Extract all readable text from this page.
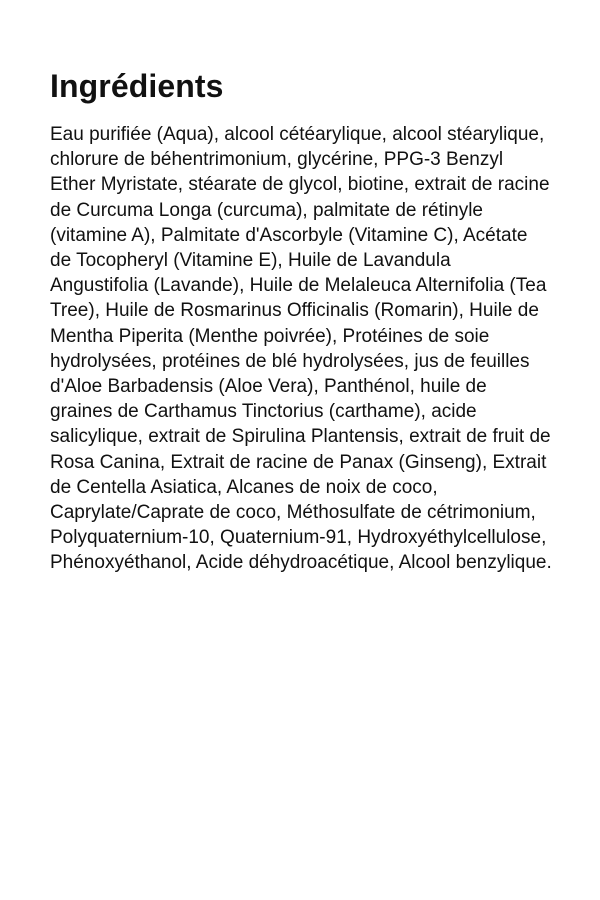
Ingrédients

Eau purifiée (Aqua), alcool cétéarylique, alcool stéarylique, chlorure de béhentrimonium, glycérine, PPG-3 Benzyl Ether Myristate, stéarate de glycol, biotine, extrait de racine de Curcuma Longa (curcuma), palmitate de rétinyle (vitamine A), Palmitate d'Ascorbyle (Vitamine C), Acétate de Tocopheryl (Vitamine E), Huile de Lavandula Angustifolia (Lavande), Huile de Melaleuca Alternifolia (Tea Tree), Huile de Rosmarinus Officinalis (Romarin), Huile de Mentha Piperita (Menthe poivrée), Protéines de soie hydrolysées, protéines de blé hydrolysées, jus de feuilles d'Aloe Barbadensis (Aloe Vera), Panthénol, huile de graines de Carthamus Tinctorius (carthame), acide salicylique, extrait de Spirulina Plantensis, extrait de fruit de Rosa Canina, Extrait de racine de Panax (Ginseng), Extrait de Centella Asiatica, Alcanes de noix de coco, Caprylate/Caprate de coco, Méthosulfate de cétrimonium, Polyquaternium-10, Quaternium-91, Hydroxyéthylcellulose, Phénoxyéthanol, Acide déhydroacétique, Alcool benzylique.
